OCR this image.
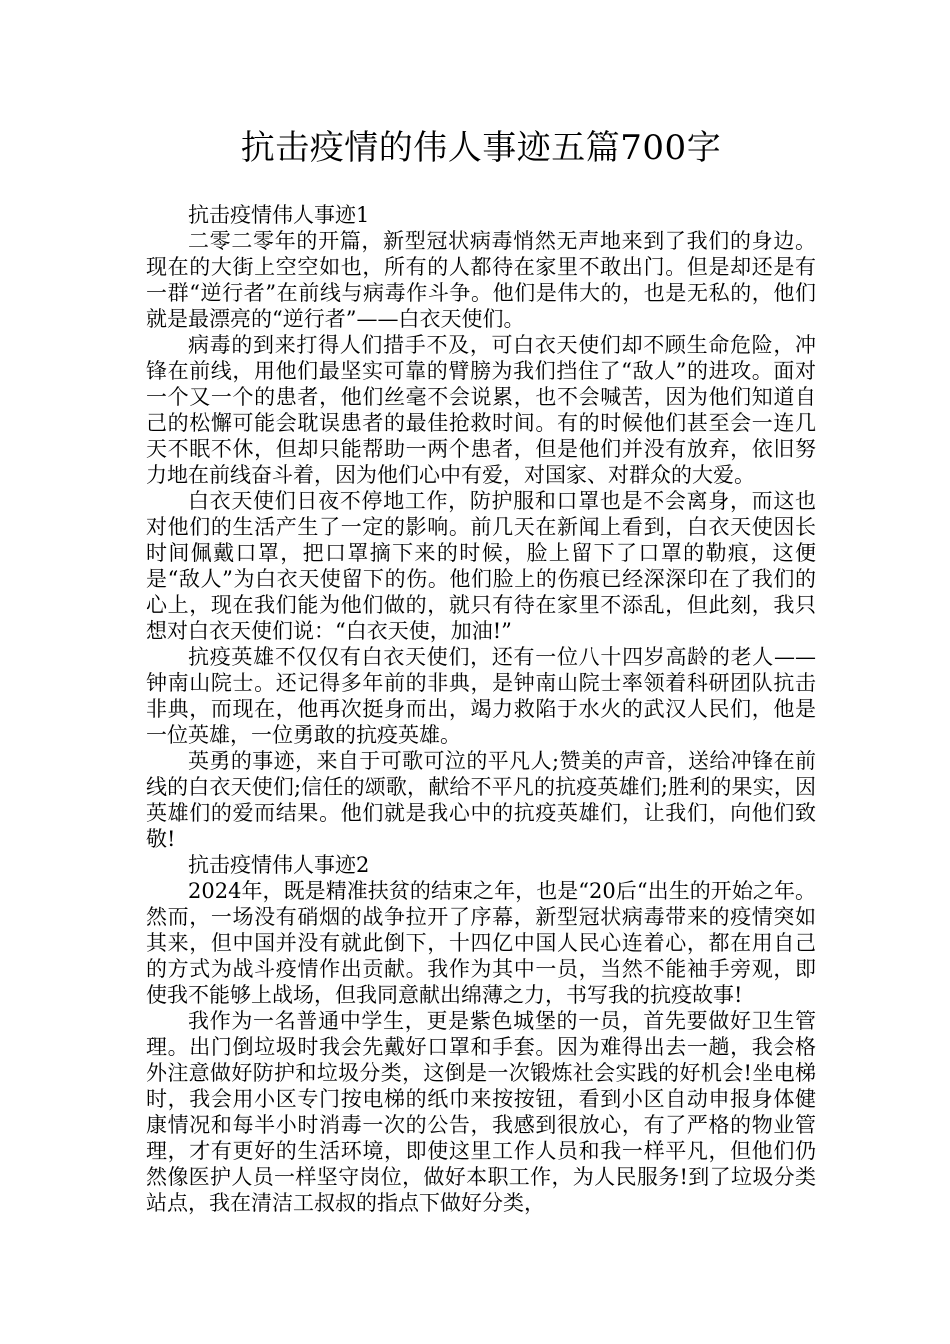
抗击疫情的伟人事迹五篇700字

抗击疫情伟人事迹1

二零二零年的开篇，新型冠状病毒悄然无声地来到了我们的身边。现在的大街上空空如也，所有的人都待在家里不敢出门。但是却还是有一群“逆行者”在前线与病毒作斗争。他们是伟大的，也是无私的，他们就是最漂亮的“逆行者”——白衣天使们。

病毒的到来打得人们措手不及，可白衣天使们却不顾生命危险，冲锋在前线，用他们最坚实可靠的臂膀为我们挡住了“敌人”的进攻。面对一个又一个的患者，他们丝毫不会说累，也不会喊苦，因为他们知道自己的松懈可能会耽误患者的最佳抢救时间。有的时候他们甚至会一连几天不眠不休，但却只能帮助一两个患者，但是他们并没有放弃，依旧努力地在前线奋斗着，因为他们心中有爱，对国家、对群众的大爱。

白衣天使们日夜不停地工作，防护服和口罩也是不会离身，而这也对他们的生活产生了一定的影响。前几天在新闻上看到，白衣天使因长时间佩戴口罩，把口罩摘下来的时候，脸上留下了口罩的勒痕，这便是“敌人”为白衣天使留下的伤。他们脸上的伤痕已经深深印在了我们的心上，现在我们能为他们做的，就只有待在家里不添乱，但此刻，我只想对白衣天使们说：“白衣天使，加油!”

抗疫英雄不仅仅有白衣天使们，还有一位八十四岁高龄的老人——钟南山院士。还记得多年前的非典，是钟南山院士率领着科研团队抗击非典，而现在，他再次挺身而出，竭力救陷于水火的武汉人民们，他是一位英雄，一位勇敢的抗疫英雄。

英勇的事迹，来自于可歌可泣的平凡人;赞美的声音，送给冲锋在前线的白衣天使们;信任的颂歌，献给不平凡的抗疫英雄们;胜利的果实，因英雄们的爱而结果。他们就是我心中的抗疫英雄们，让我们，向他们致敬!

抗击疫情伟人事迹2

2024年，既是精准扶贫的结束之年，也是“20后“出生的开始之年。然而，一场没有硝烟的战争拉开了序幕，新型冠状病毒带来的疫情突如其来，但中国并没有就此倒下，十四亿中国人民心连着心，都在用自己的方式为战斗疫情作出贡献。我作为其中一员，当然不能袖手旁观，即使我不能够上战场，但我同意献出绵薄之力，书写我的抗疫故事!

我作为一名普通中学生，更是紫色城堡的一员，首先要做好卫生管理。出门倒垃圾时我会先戴好口罩和手套。因为难得出去一趟，我会格外注意做好防护和垃圾分类，这倒是一次锻炼社会实践的好机会!坐电梯时，我会用小区专门按电梯的纸巾来按按钮，看到小区自动申报身体健康情况和每半小时消毒一次的公告，我感到很放心，有了严格的物业管理，才有更好的生活环境，即使这里工作人员和我一样平凡，但他们仍然像医护人员一样坚守岗位，做好本职工作，为人民服务!到了垃圾分类站点，我在清洁工叔叔的指点下做好分类，
